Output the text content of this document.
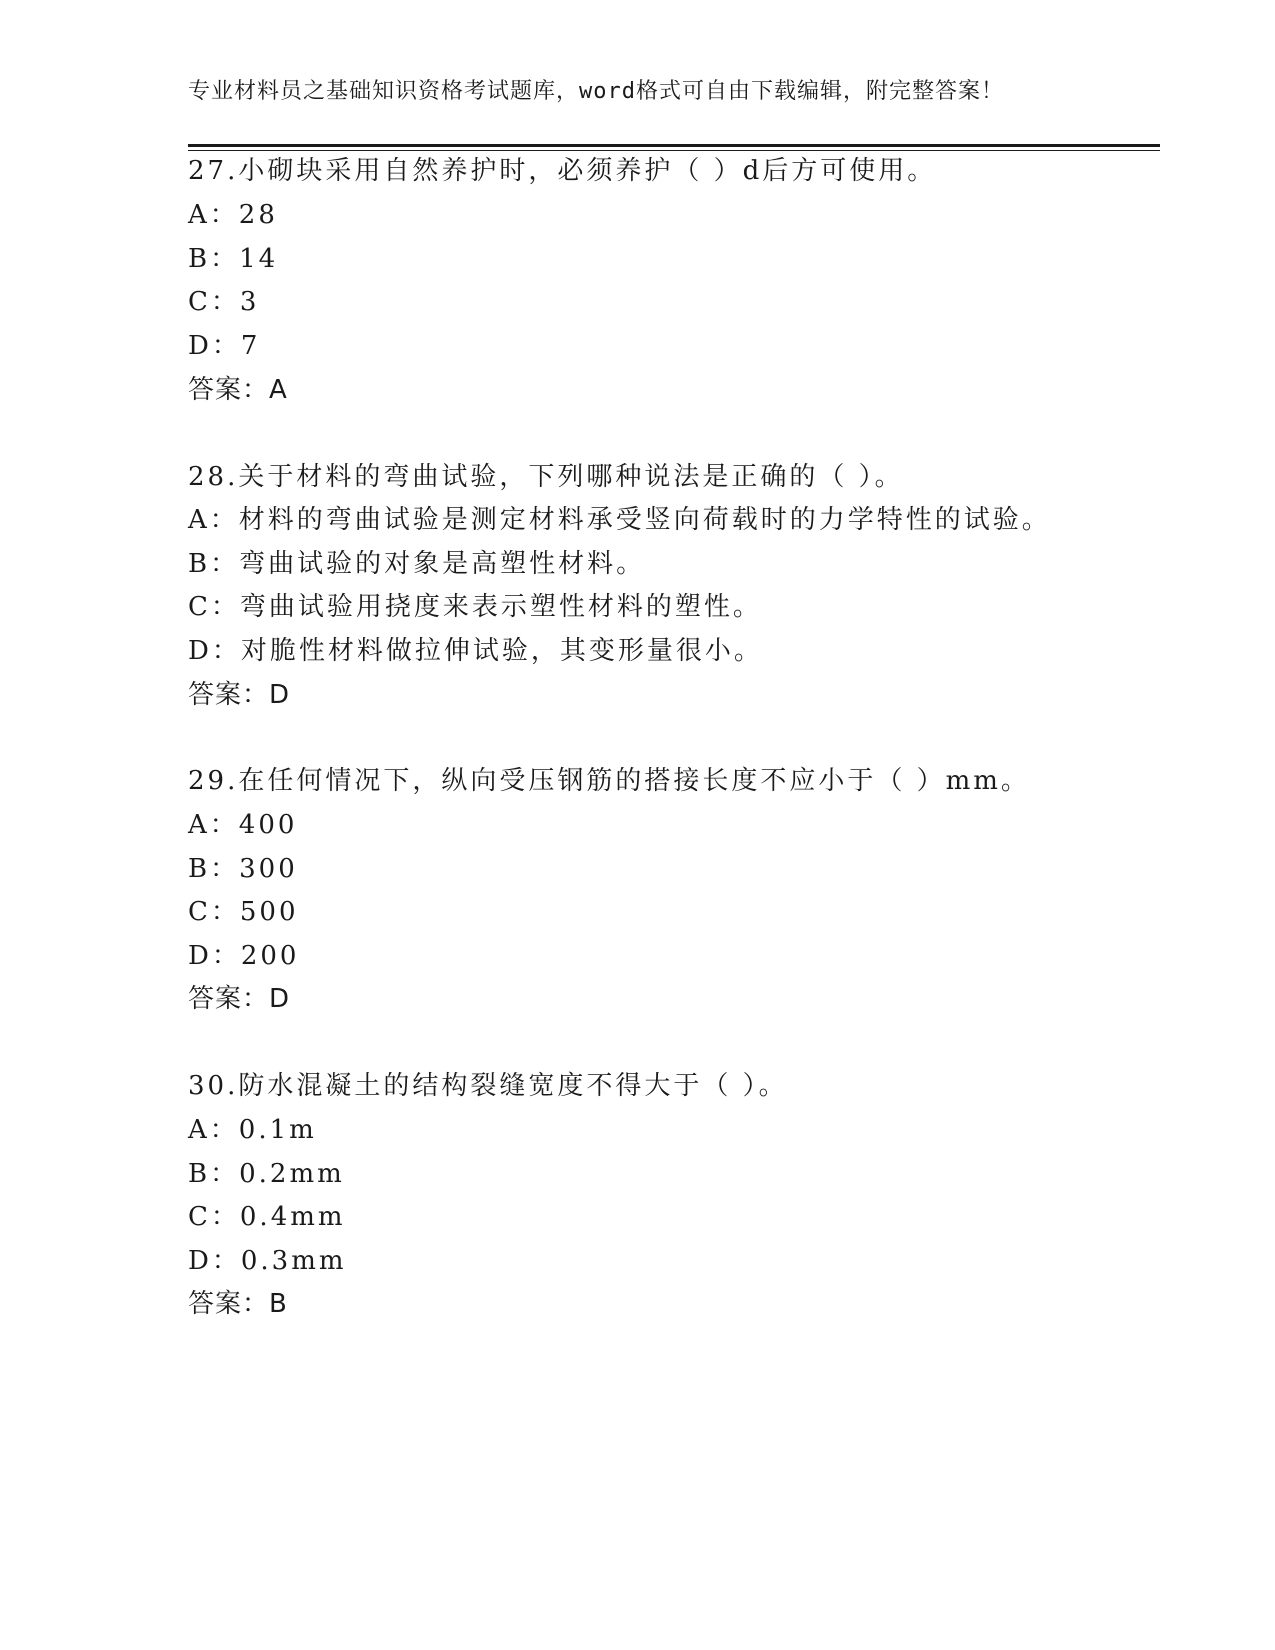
专业材料员之基础知识资格考试题库，word格式可自由下载编辑，附完整答案！
27.小砌块采用自然养护时，必须养护（ ）d后方可使用。
A：28
B：14
C：3
D：7
答案：A
28.关于材料的弯曲试验，下列哪种说法是正确的（ ）。
A：材料的弯曲试验是测定材料承受竖向荷载时的力学特性的试验。
B：弯曲试验的对象是高塑性材料。
C：弯曲试验用挠度来表示塑性材料的塑性。
D：对脆性材料做拉伸试验，其变形量很小。
答案：D
29.在任何情况下，纵向受压钢筋的搭接长度不应小于（ ）mm。
A：400
B：300
C：500
D：200
答案：D
30.防水混凝土的结构裂缝宽度不得大于（ ）。
A：0.1m
B：0.2mm
C：0.4mm
D：0.3mm
答案：B
